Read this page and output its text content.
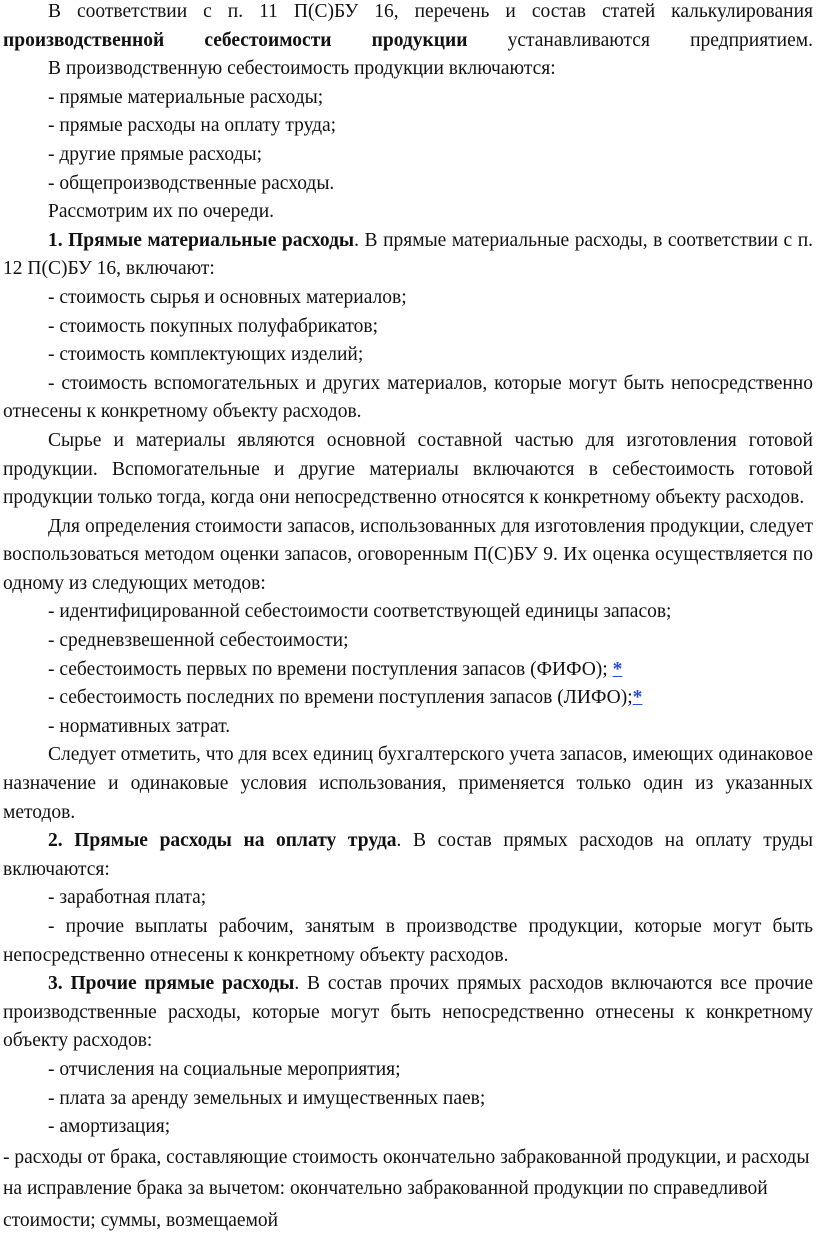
В соответствии с п. 11 П(С)БУ 16, перечень и состав статей калькулирования производственной себестоимости продукции устанавливаются предприятием.

В производственную себестоимость продукции включаются:

- прямые материальные расходы;

- прямые расходы на оплату труда;

- другие прямые расходы;

- общепроизводственные расходы.

Рассмотрим их по очереди.

1. Прямые материальные расходы. В прямые материальные расходы, в соответствии с п. 12 П(С)БУ 16, включают:

- стоимость сырья и основных материалов;

- стоимость покупных полуфабрикатов;

- стоимость комплектующих изделий;

- стоимость вспомогательных и других материалов, которые могут быть непосредственно отнесены к конкретному объекту расходов.

Сырье и материалы являются основной составной частью для изготовления готовой продукции. Вспомогательные и другие материалы включаются в себестоимость готовой продукции только тогда, когда они непосредственно относятся к конкретному объекту расходов.

Для определения стоимости запасов, использованных для изготовления продукции, следует воспользоваться методом оценки запасов, оговоренным П(С)БУ 9. Их оценка осуществляется по одному из следующих методов:

- идентифицированной себестоимости соответствующей единицы запасов;

- средневзвешенной себестоимости;

- себестоимость первых по времени поступления запасов (ФИФО); *

- себестоимость последних по времени поступления запасов (ЛИФО);*

- нормативных затрат.

Следует отметить, что для всех единиц бухгалтерского учета запасов, имеющих одинаковое назначение и одинаковые условия использования, применяется только один из указанных методов.

2. Прямые расходы на оплату труда. В состав прямых расходов на оплату труды включаются:

- заработная плата;

- прочие выплаты рабочим, занятым в производстве продукции, которые могут быть непосредственно отнесены к конкретному объекту расходов.

3. Прочие прямые расходы. В состав прочих прямых расходов включаются все прочие производственные расходы, которые могут быть непосредственно отнесены к конкретному объекту расходов:

- отчисления на социальные мероприятия;

- плата за аренду земельных и имущественных паев;

- амортизация;

- расходы от брака, составляющие стоимость окончательно забракованной продукции, и расходы на исправление брака за вычетом: окончательно забракованной продукции по справедливой стоимости; суммы, возмещаемой
